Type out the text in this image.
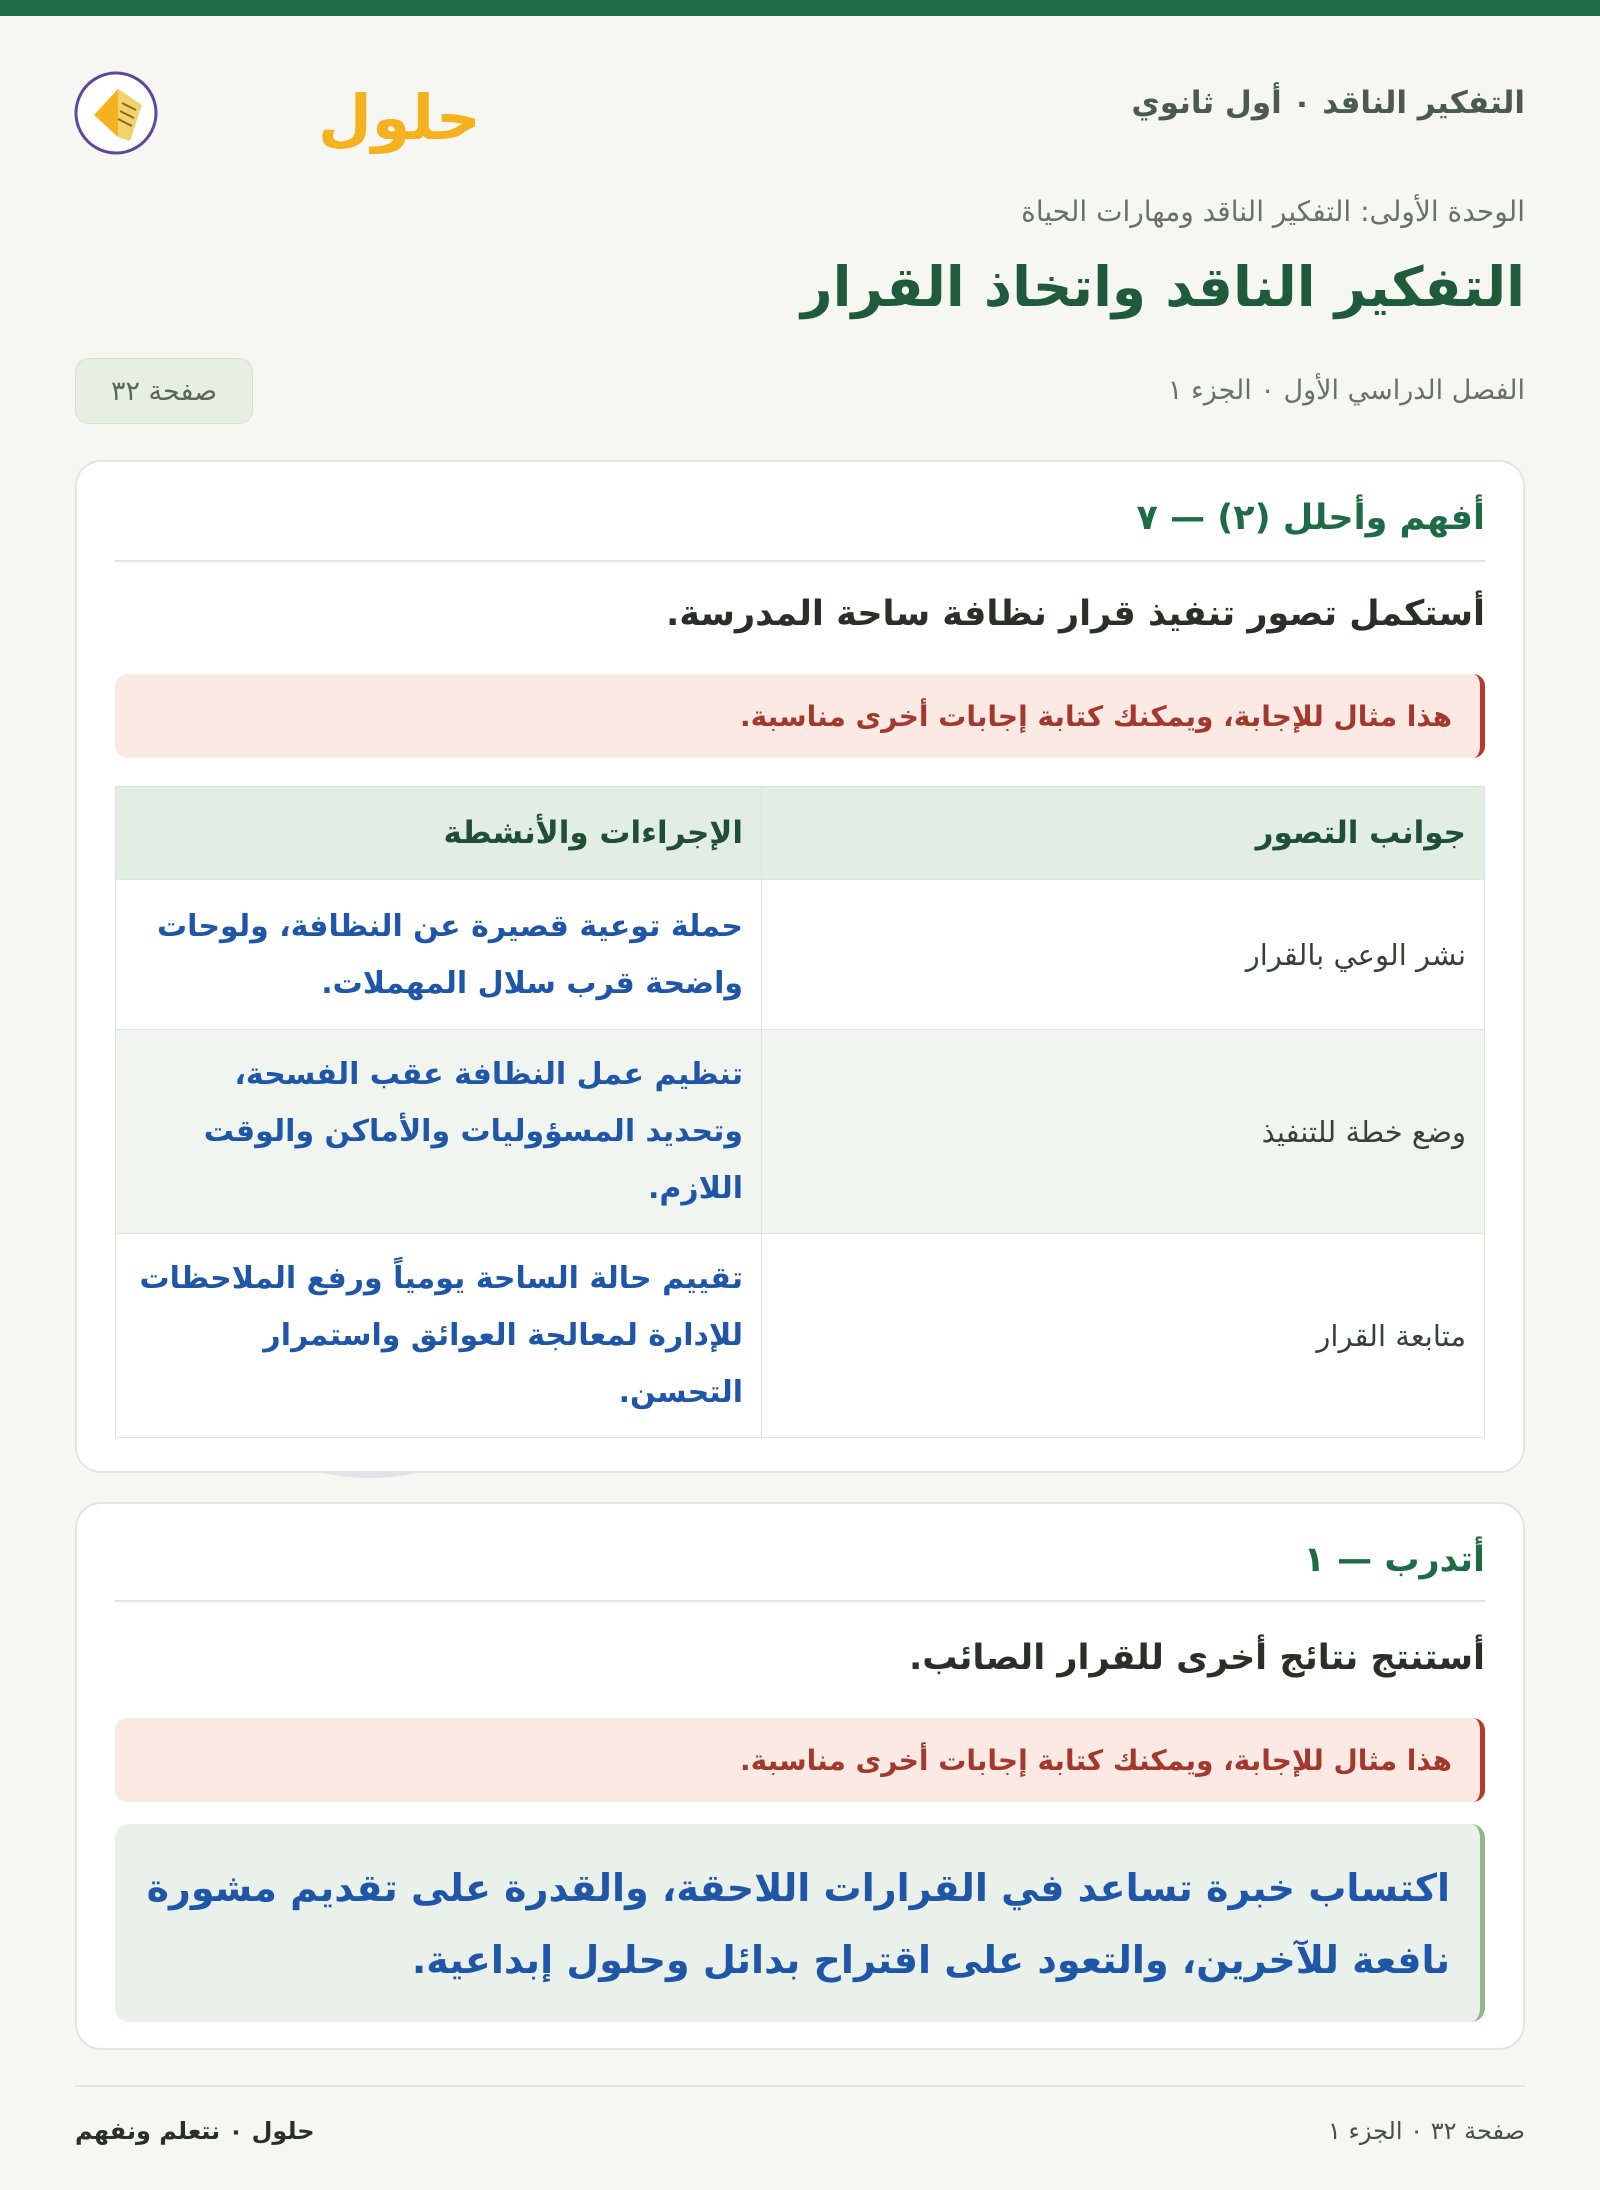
التفكير الناقد ٠ أول ثانوي
حلول
الوحدة الأولى: التفكير الناقد ومهارات الحياة
التفكير الناقد واتخاذ القرار
الفصل الدراسي الأول ٠ الجزء ١
صفحة ٣٢
أفهم وأحلل (٢) — ٧
أستكمل تصور تنفيذ قرار نظافة ساحة المدرسة.
هذا مثال للإجابة، ويمكنك كتابة إجابات أخرى مناسبة.
جوانب التصور	الإجراءات والأنشطة
نشر الوعي بالقرار	حملة توعية قصيرة عن النظافة، ولوحات واضحة قرب سلال المهملات.
وضع خطة للتنفيذ	تنظيم عمل النظافة عقب الفسحة، وتحديد المسؤوليات والأماكن والوقت اللازم.
متابعة القرار	تقييم حالة الساحة يومياً ورفع الملاحظات للإدارة لمعالجة العوائق واستمرار التحسن.
أتدرب — ١
أستنتج نتائج أخرى للقرار الصائب.
هذا مثال للإجابة، ويمكنك كتابة إجابات أخرى مناسبة.
اكتساب خبرة تساعد في القرارات اللاحقة، والقدرة على تقديم مشورة نافعة للآخرين، والتعود على اقتراح بدائل وحلول إبداعية.
حلول ٠ نتعلم ونفهم	صفحة ٣٢ ٠ الجزء ١
